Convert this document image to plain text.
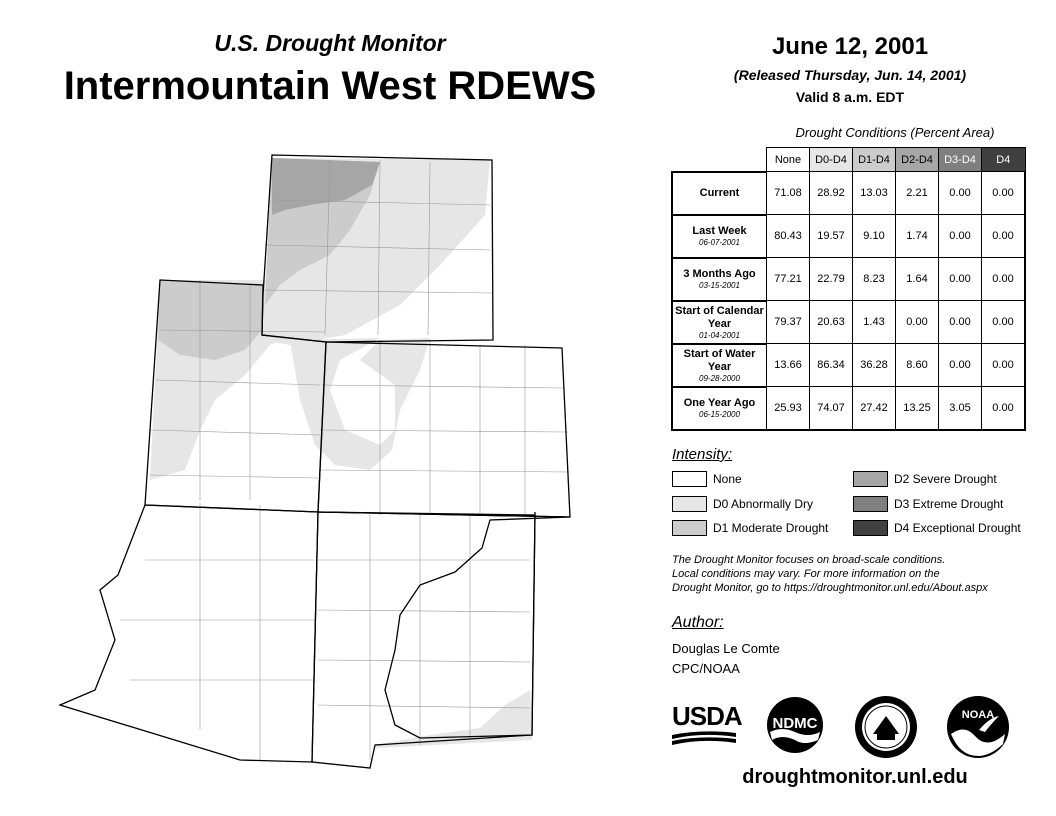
U.S. Drought Monitor
Intermountain West RDEWS
June 12, 2001
(Released Thursday, Jun. 14, 2001)
Valid 8 a.m. EDT
Drought Conditions (Percent Area)
	None	D0-D4	D1-D4	D2-D4	D3-D4	D4

Current	71.08	28.92	13.03	2.21	0.00	0.00

Last Week
06-07-2001	80.43	19.57	9.10	1.74	0.00	0.00

3 Months Ago
03-15-2001	77.21	22.79	8.23	1.64	0.00	0.00

Start of Calendar Year
01-04-2001	79.37	20.63	1.43	0.00	0.00	0.00

Start of Water Year
09-28-2000	13.66	86.34	36.28	8.60	0.00	0.00

One Year Ago
06-15-2000	25.93	74.07	27.42	13.25	3.05	0.00
Intensity:
None
D0 Abnormally Dry
D1 Moderate Drought
D2 Severe Drought
D3 Extreme Drought
D4 Exceptional Drought
The Drought Monitor focuses on broad-scale conditions.
Local conditions may vary. For more information on the
Drought Monitor, go to https://droughtmonitor.unl.edu/About.aspx
Author:
Douglas Le Comte
CPC/NOAA
USDA NDMC	NOAA
droughtmonitor.unl.edu
